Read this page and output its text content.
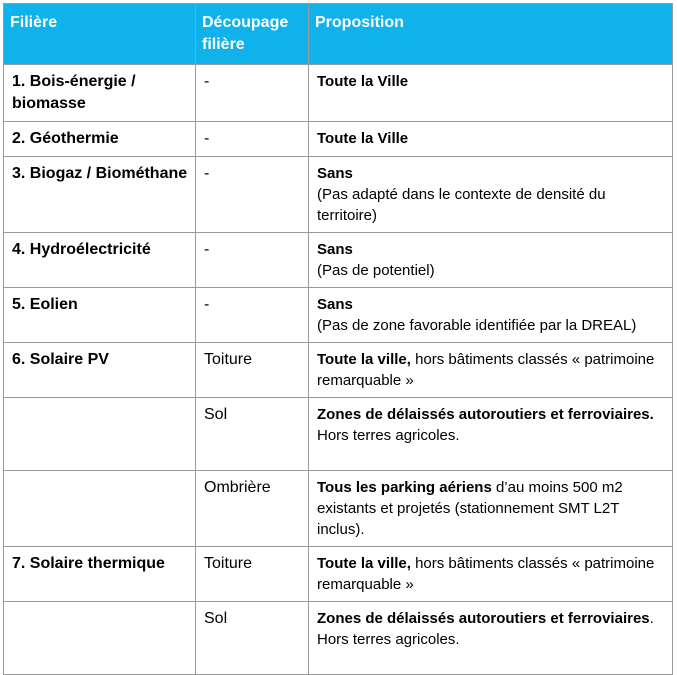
Filière	Découpage filière	Proposition
1. Bois-énergie / biomasse	-	Toute la Ville
2. Géothermie	-	Toute la Ville
3. Biogaz / Biométhane	-	Sans
(Pas adapté dans le contexte de densité du territoire)
4. Hydroélectricité	-	Sans
(Pas de potentiel)
5. Eolien	-	Sans
(Pas de zone favorable identifiée par la DREAL)
6. Solaire PV	Toiture	Toute la ville, hors bâtiments classés « patrimoine remarquable »
	Sol	Zones de délaissés autoroutiers et ferroviaires.
Hors terres agricoles.
	Ombrière	Tous les parking aériens d’au moins 500 m2 existants et projetés (stationnement SMT L2T inclus).
7. Solaire thermique	Toiture	Toute la ville, hors bâtiments classés « patrimoine remarquable »
	Sol	Zones de délaissés autoroutiers et ferroviaires.
Hors terres agricoles.
